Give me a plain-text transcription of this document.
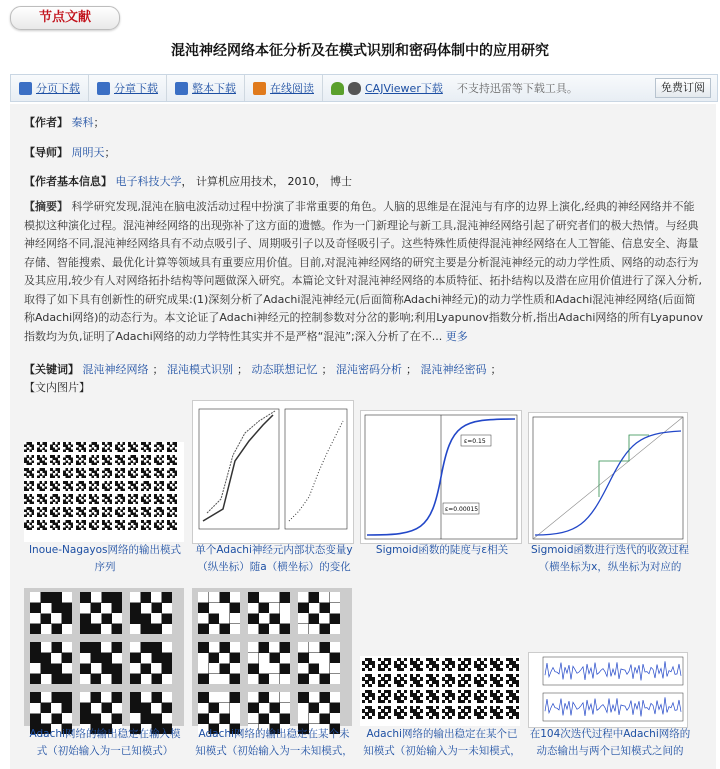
节点文献
混沌神经网络本征分析及在模式识别和密码体制中的应用研究
分页下载	分章下载	整本下载	在线阅读	CAJViewer下载 不支持迅雷等下载工具。	免费订阅
【作者】 秦科；
【导师】 周明天；
【作者基本信息】 电子科技大学， 计算机应用技术， 2010， 博士
【摘要】 科学研究发现,混沌在脑电波活动过程中扮演了非常重要的角色。人脑的思维是在混沌与有序的边界上演化,经典的神经网络并不能模拟这种演化过程。混沌神经网络的出现弥补了这方面的遗憾。作为一门新理论与新工具,混沌神经网络引起了研究者们的极大热情。与经典神经网络不同,混沌神经网络具有不动点吸引子、周期吸引子以及奇怪吸引子。这些特殊性质使得混沌神经网络在人工智能、信息安全、海量存储、智能搜索、最优化计算等领域具有重要应用价值。目前,对混沌神经网络的研究主要是分析混沌神经元的动力学性质、网络的动态行为及其应用,较少有人对网络拓扑结构等问题做深入研究。本篇论文针对混沌神经网络的本质特征、拓扑结构以及潜在应用价值进行了深入分析,取得了如下具有创新性的研究成果:(1)深刻分析了Adachi混沌神经元(后面简称Adachi神经元)的动力学性质和Adachi混沌神经网络(后面简称Adachi网络)的动态行为。本文论证了Adachi神经元的控制参数对分岔的影响;利用Lyapunov指数分析,指出Adachi网络的所有Lyapunov指数均为负,证明了Adachi网络的动力学特性其实并不是严格“混沌”;深入分析了在不... 更多
【关键词】 混沌神经网络 ； 混沌模式识别 ； 动态联想记忆 ； 混沌密码分析 ； 混沌神经密码 ；
【文内图片】
Inoue-Nagayos网络的输出模式
序列
单个Adachi神经元内部状态变量y
（纵坐标）随a（横坐标）的变化
ε=0.15
ε=0.00015
Sigmoid函数的陡度与ε相关	Sigmoid函数进行迭代的收敛过程
（横坐标为x，纵坐标为对应的
Adachi网络的输出稳定在输入模
式（初始输入为一已知模式）
Adachi网络的输出稳定在某个未
知模式（初始输入为一未知模式，
Adachi网络的输出稳定在某个已
知模式（初始输入为一未知模式，
在104次迭代过程中Adachi网络的
动态输出与两个已知模式之间的
